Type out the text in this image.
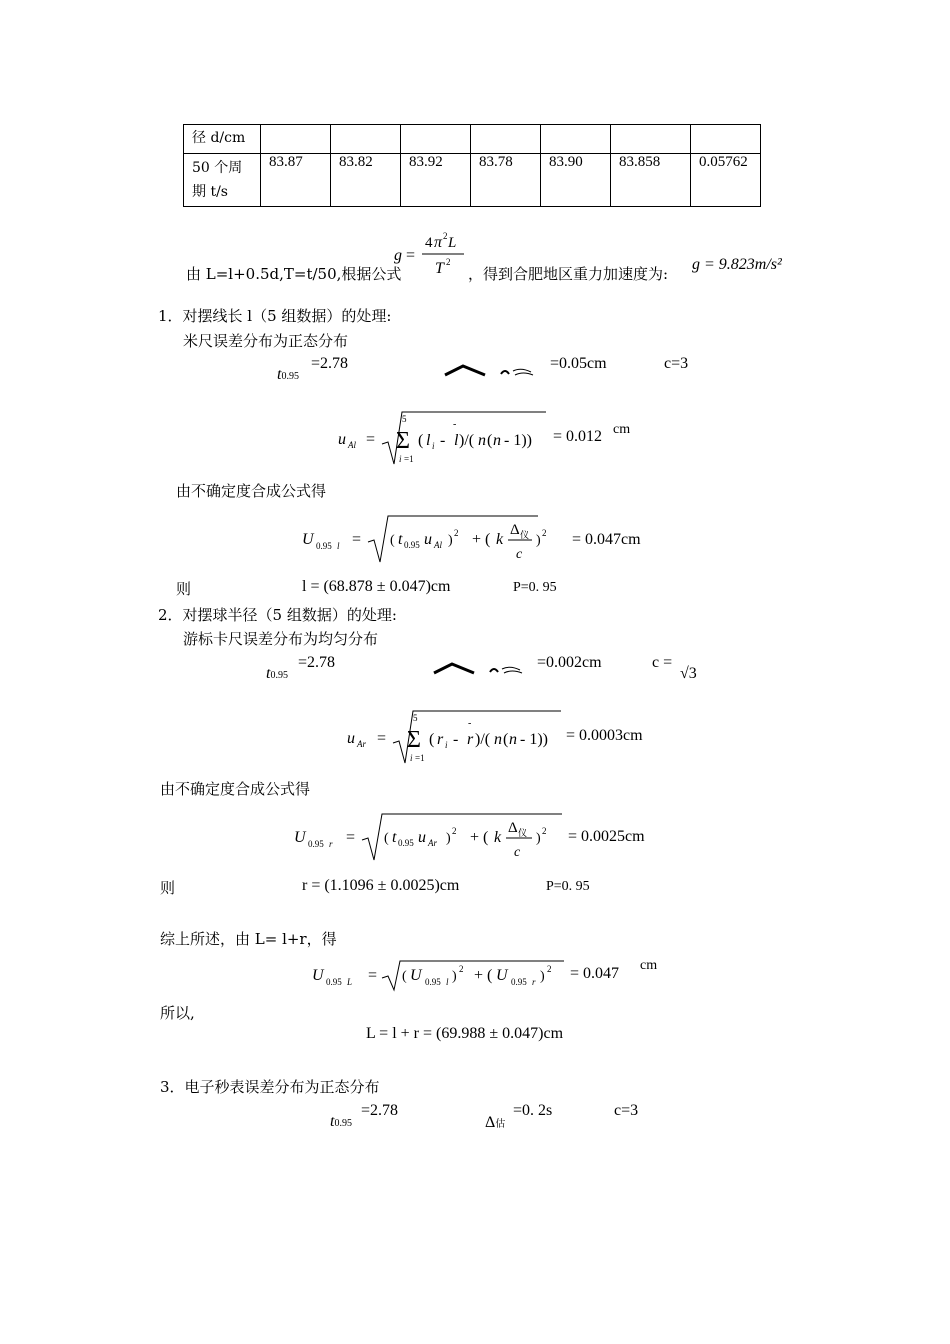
径 d/cm							
50 个周期 t/s	83.87	83.82	83.92	83.78	83.90	83.858	0.05762
由 L=l+0.5d,T=t/50,根据公式
g =
4 π 2 L
T 2
，得到合肥地区重力加速度为:
g = 9.823m/s²
1．对摆线长 l（5 组数据）的处理:
米尺误差分布为正态分布
t0.95
=2.78	=0.05cm	c=3
u Al =
5
Σ
i =1
( l i - l
-
)/( n ( n - 1)) = 0.012 cm
由不确定度合成公式得
U 0.95 l = ( t 0.95 u Al ) 2 + ( k
Δ 仪
c
) 2 = 0.047cm
则	l = (68.878 ± 0.047)cm	P=0. 95
2．对摆球半径（5 组数据）的处理:
游标卡尺误差分布为均匀分布
t0.95
=2.78	=0.002cm	c =
√3
u Ar =
5
Σ
i =1
( r i - r
-
)/( n ( n - 1)) = 0.0003cm
由不确定度合成公式得
U 0.95 r = ( t 0.95 u Ar ) 2 + ( k
Δ 仪
c
) 2 = 0.0025cm
则	r = (1.1096 ± 0.0025)cm	P=0. 95
综上所述，由 L= l+r，得
U 0.95 L = ( U 0.95 l ) 2 + ( U 0.95 r ) 2 = 0.047 cm
所以,
L = l + r = (69.988 ± 0.047)cm
3．电子秒表误差分布为正态分布
t0.95
=2.78
Δ估
=0. 2s	c=3
